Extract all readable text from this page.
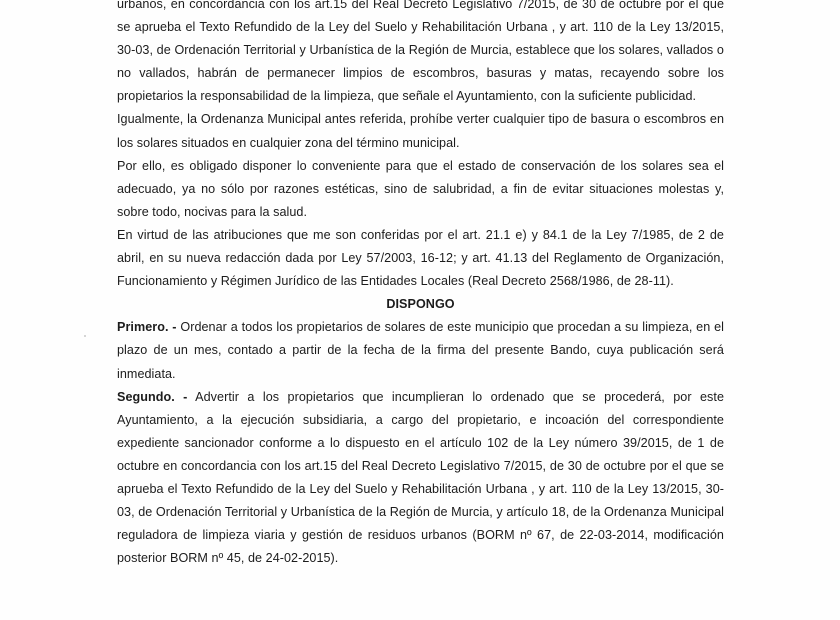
urbanos, en concordancia con los art.15 del Real Decreto Legislativo 7/2015, de 30 de octubre por el que se aprueba el Texto Refundido de la Ley del Suelo y Rehabilitación Urbana , y art. 110 de la Ley 13/2015, 30-03, de Ordenación Territorial y Urbanística de la Región de Murcia, establece que los solares, vallados o no vallados, habrán de permanecer limpios de escombros, basuras y matas, recayendo sobre los propietarios la responsabilidad de la limpieza, que señale el Ayuntamiento, con la suficiente publicidad.

Igualmente, la Ordenanza Municipal antes referida, prohíbe verter cualquier tipo de basura o escombros en los solares situados en cualquier zona del término municipal.

Por ello, es obligado disponer lo conveniente para que el estado de conservación de los solares sea el adecuado, ya no sólo por razones estéticas, sino de salubridad, a fin de evitar situaciones molestas y, sobre todo, nocivas para la salud.

En virtud de las atribuciones que me son conferidas por el art. 21.1 e) y 84.1 de la Ley 7/1985, de 2 de abril, en su nueva redacción dada por Ley 57/2003, 16-12; y art. 41.13 del Reglamento de Organización, Funcionamiento y Régimen Jurídico de las Entidades Locales (Real Decreto 2568/1986, de 28-11).

DISPONGO

Primero. - Ordenar a todos los propietarios de solares de este municipio que procedan a su limpieza, en el plazo de un mes, contado a partir de la fecha de la firma del presente Bando, cuya publicación será inmediata.

Segundo. - Advertir a los propietarios que incumplieran lo ordenado que se procederá, por este Ayuntamiento, a la ejecución subsidiaria, a cargo del propietario, e incoación del correspondiente expediente sancionador conforme a lo dispuesto en el artículo 102 de la Ley número 39/2015, de 1 de octubre en concordancia con los art.15 del Real Decreto Legislativo 7/2015, de 30 de octubre por el que se aprueba el Texto Refundido de la Ley del Suelo y Rehabilitación Urbana , y art. 110 de la Ley 13/2015, 30-03, de Ordenación Territorial y Urbanística de la Región de Murcia, y artículo 18, de la Ordenanza Municipal reguladora de limpieza viaria y gestión de residuos urbanos (BORM nº 67, de 22-03-2014, modificación posterior BORM nº 45, de 24-02-2015).
